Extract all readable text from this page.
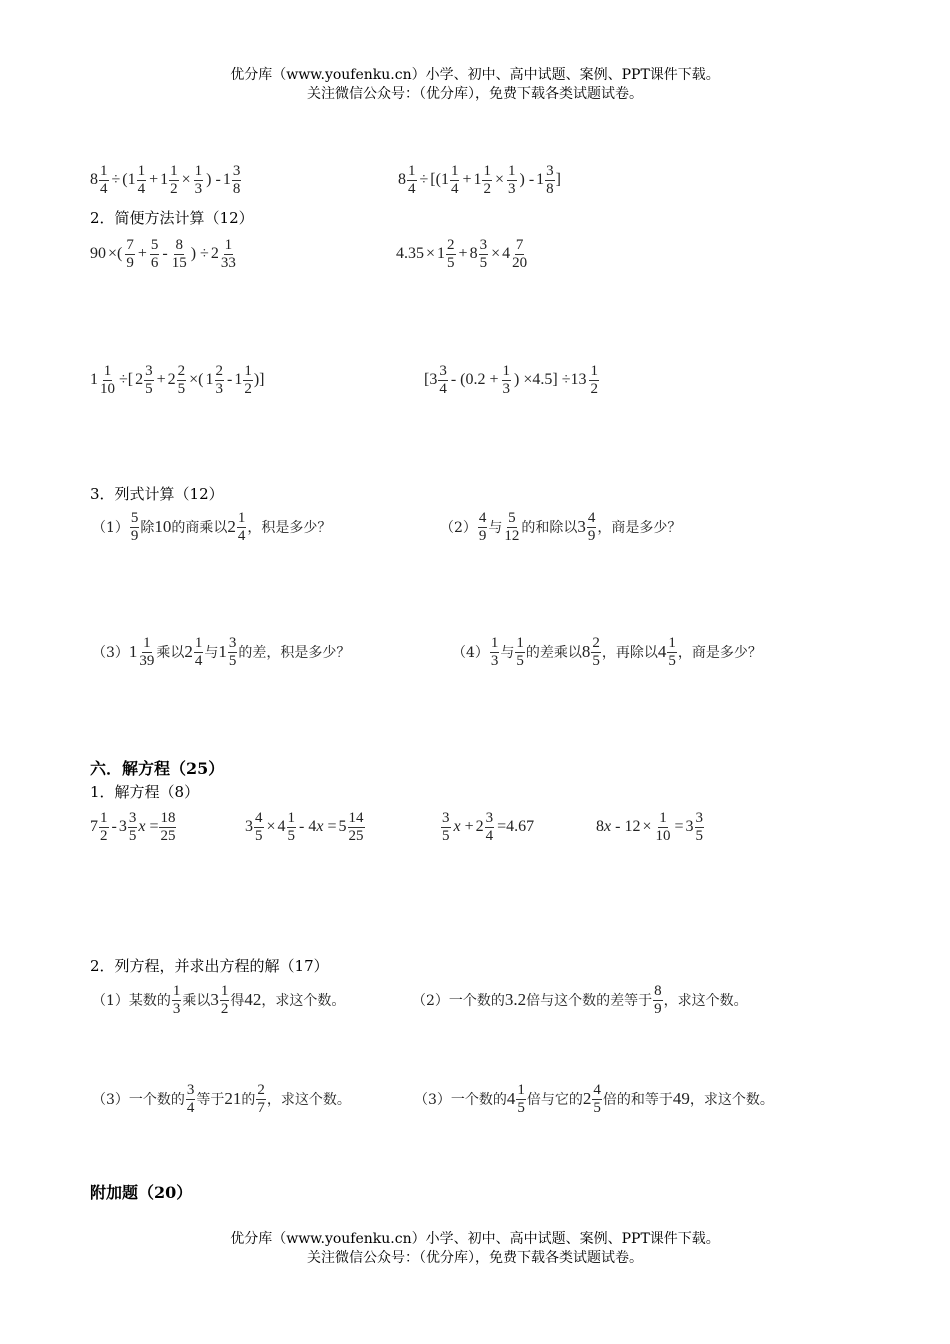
优分库（www.youfenku.cn）小学、初中、高中试题、案例、PPT课件下载。
关注微信公众号：（优分库），免费下载各类试题试卷。
$8 \frac{1}{4} \div (1 \frac{1}{4} + 1 \frac{1}{2} \times \frac{1}{3}$ ) - $1 \frac{3}{8}$	$8 \frac{1}{4} \div [(1 \frac{1}{4} + 1 \frac{1}{2} \times \frac{1}{3}$ ) - $1 \frac{3}{8}$ ]
2．简便方法计算（12）
90 ×( $\frac{7}{9} + \frac{5}{6} - \frac{8}{15}$ ) ÷ $2 \frac{1}{33}$	$4.35 \times 1 \frac{2}{5} + 8 \frac{3}{5} \times 4 \frac{7}{20}$
$1 \frac{1}{10}$ ÷[ $2 \frac{3}{5} + 2 \frac{2}{5}$ ×( $1 \frac{2}{3} - 1 \frac{1}{2}$ )]	[$3 \frac{3}{4} - (0.2 + \frac{1}{3}$ ) $\times 4.5] \div 13 \frac{1}{2}$
3．列式计算（12）
$(1) \frac{5}{9}$ 除 10 的商乘以 $2 \frac{1}{4}$ ，积是多少？	$(2) \frac{4}{9}$ 与 $\frac{5}{12}$ 的和除以 $3 \frac{4}{9}$ ，商是多少？
（3） $1 \frac{1}{39}$ 乘以 $2 \frac{1}{4}$ 与 $1 \frac{3}{5}$ 的差，积是多少？	$(4) \frac{1}{3}$ 与 $\frac{1}{5}$ 的差乘以 $8 \frac{2}{5}$ ，再除以 $4 \frac{1}{5}$ ，商是多少？
六．解方程（25）
1．解方程（8）
$7 \frac{1}{2} - 3 \frac{3}{5}$ $x = \frac{18}{25}$	$3 \frac{4}{5} \times 4 \frac{1}{5} - 4x = 5 \frac{14}{25}$	$\frac{3}{5}$ $x + 2 \frac{3}{4} =4.67$	$8x - 12 \times \frac{1}{10} = 3 \frac{3}{5}$
2．列方程，并求出方程的解（17）
（1） 某数的 $\frac{1}{3}$ 乘以 $3 \frac{1}{2}$ 得 42 ，求这个数。	（2） 一个数的 3.2 倍与这个数的差等于 $\frac{8}{9}$ ，求这个数。
（3） 一个数的 $\frac{3}{4}$ 等于 21 的 $\frac{2}{7}$ ，求这个数。	（3） 一个数的 $4 \frac{1}{5}$ 倍与它的 $2 \frac{4}{5}$ 倍的和等于 49 ，求这个数。
附加题（20）
优分库（www.youfenku.cn）小学、初中、高中试题、案例、PPT课件下载。
关注微信公众号：（优分库），免费下载各类试题试卷。
